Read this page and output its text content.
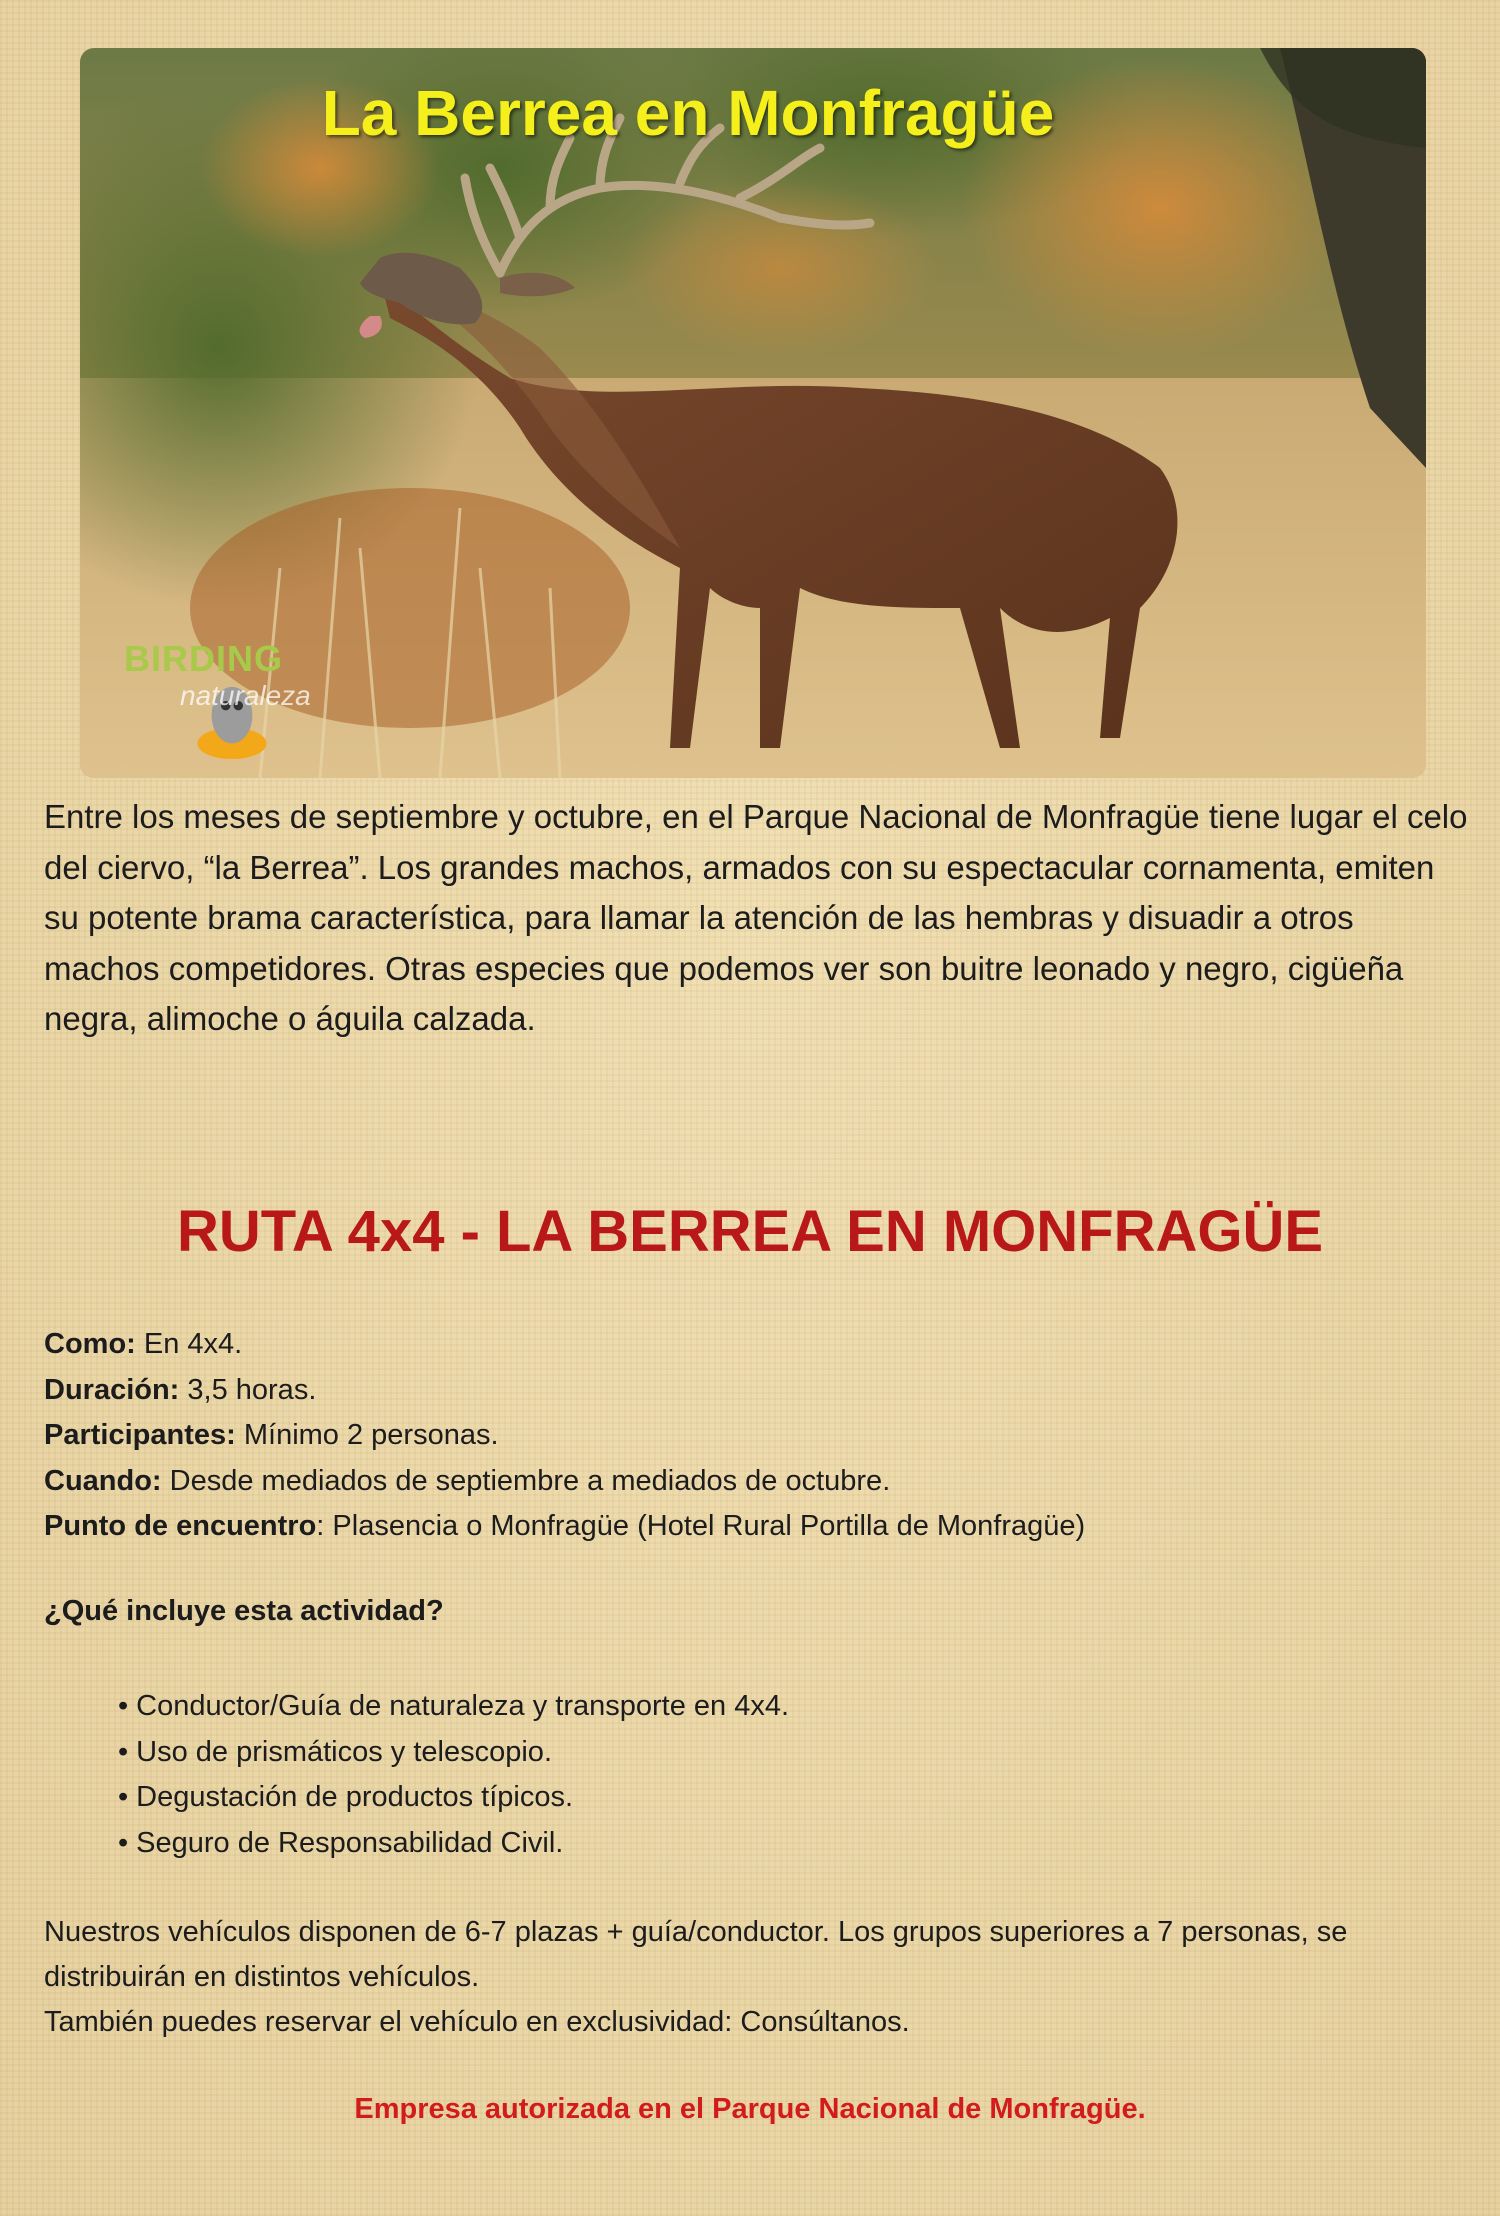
La Berrea en Monfragüe
BIRDING
naturaleza

Entre los meses de septiembre y octubre, en el Parque Nacional de Monfragüe tiene lugar el celo del ciervo, “la Berrea”. Los grandes machos, armados con su espectacular cornamenta, emiten su potente brama característica, para llamar la atención de las hembras y disuadir a otros machos competidores. Otras especies que podemos ver son buitre leonado y negro, cigüeña negra, alimoche o águila calzada.

RUTA 4x4 - LA BERREA EN MONFRAGÜE
Como: En 4x4.
Duración: 3,5 horas.
Participantes: Mínimo 2 personas.
Cuando: Desde mediados de septiembre a mediados de octubre.
Punto de encuentro: Plasencia o Monfragüe (Hotel Rural Portilla de Monfragüe)
¿Qué incluye esta actividad?
• Conductor/Guía de naturaleza y transporte en 4x4.
• Uso de prismáticos y telescopio.
• Degustación de productos típicos.
• Seguro de Responsabilidad Civil.
Nuestros vehículos disponen de 6-7 plazas + guía/conductor. Los grupos superiores a 7 personas, se distribuirán en distintos vehículos.
También puedes reservar el vehículo en exclusividad: Consúltanos.
Empresa autorizada en el Parque Nacional de Monfragüe.
